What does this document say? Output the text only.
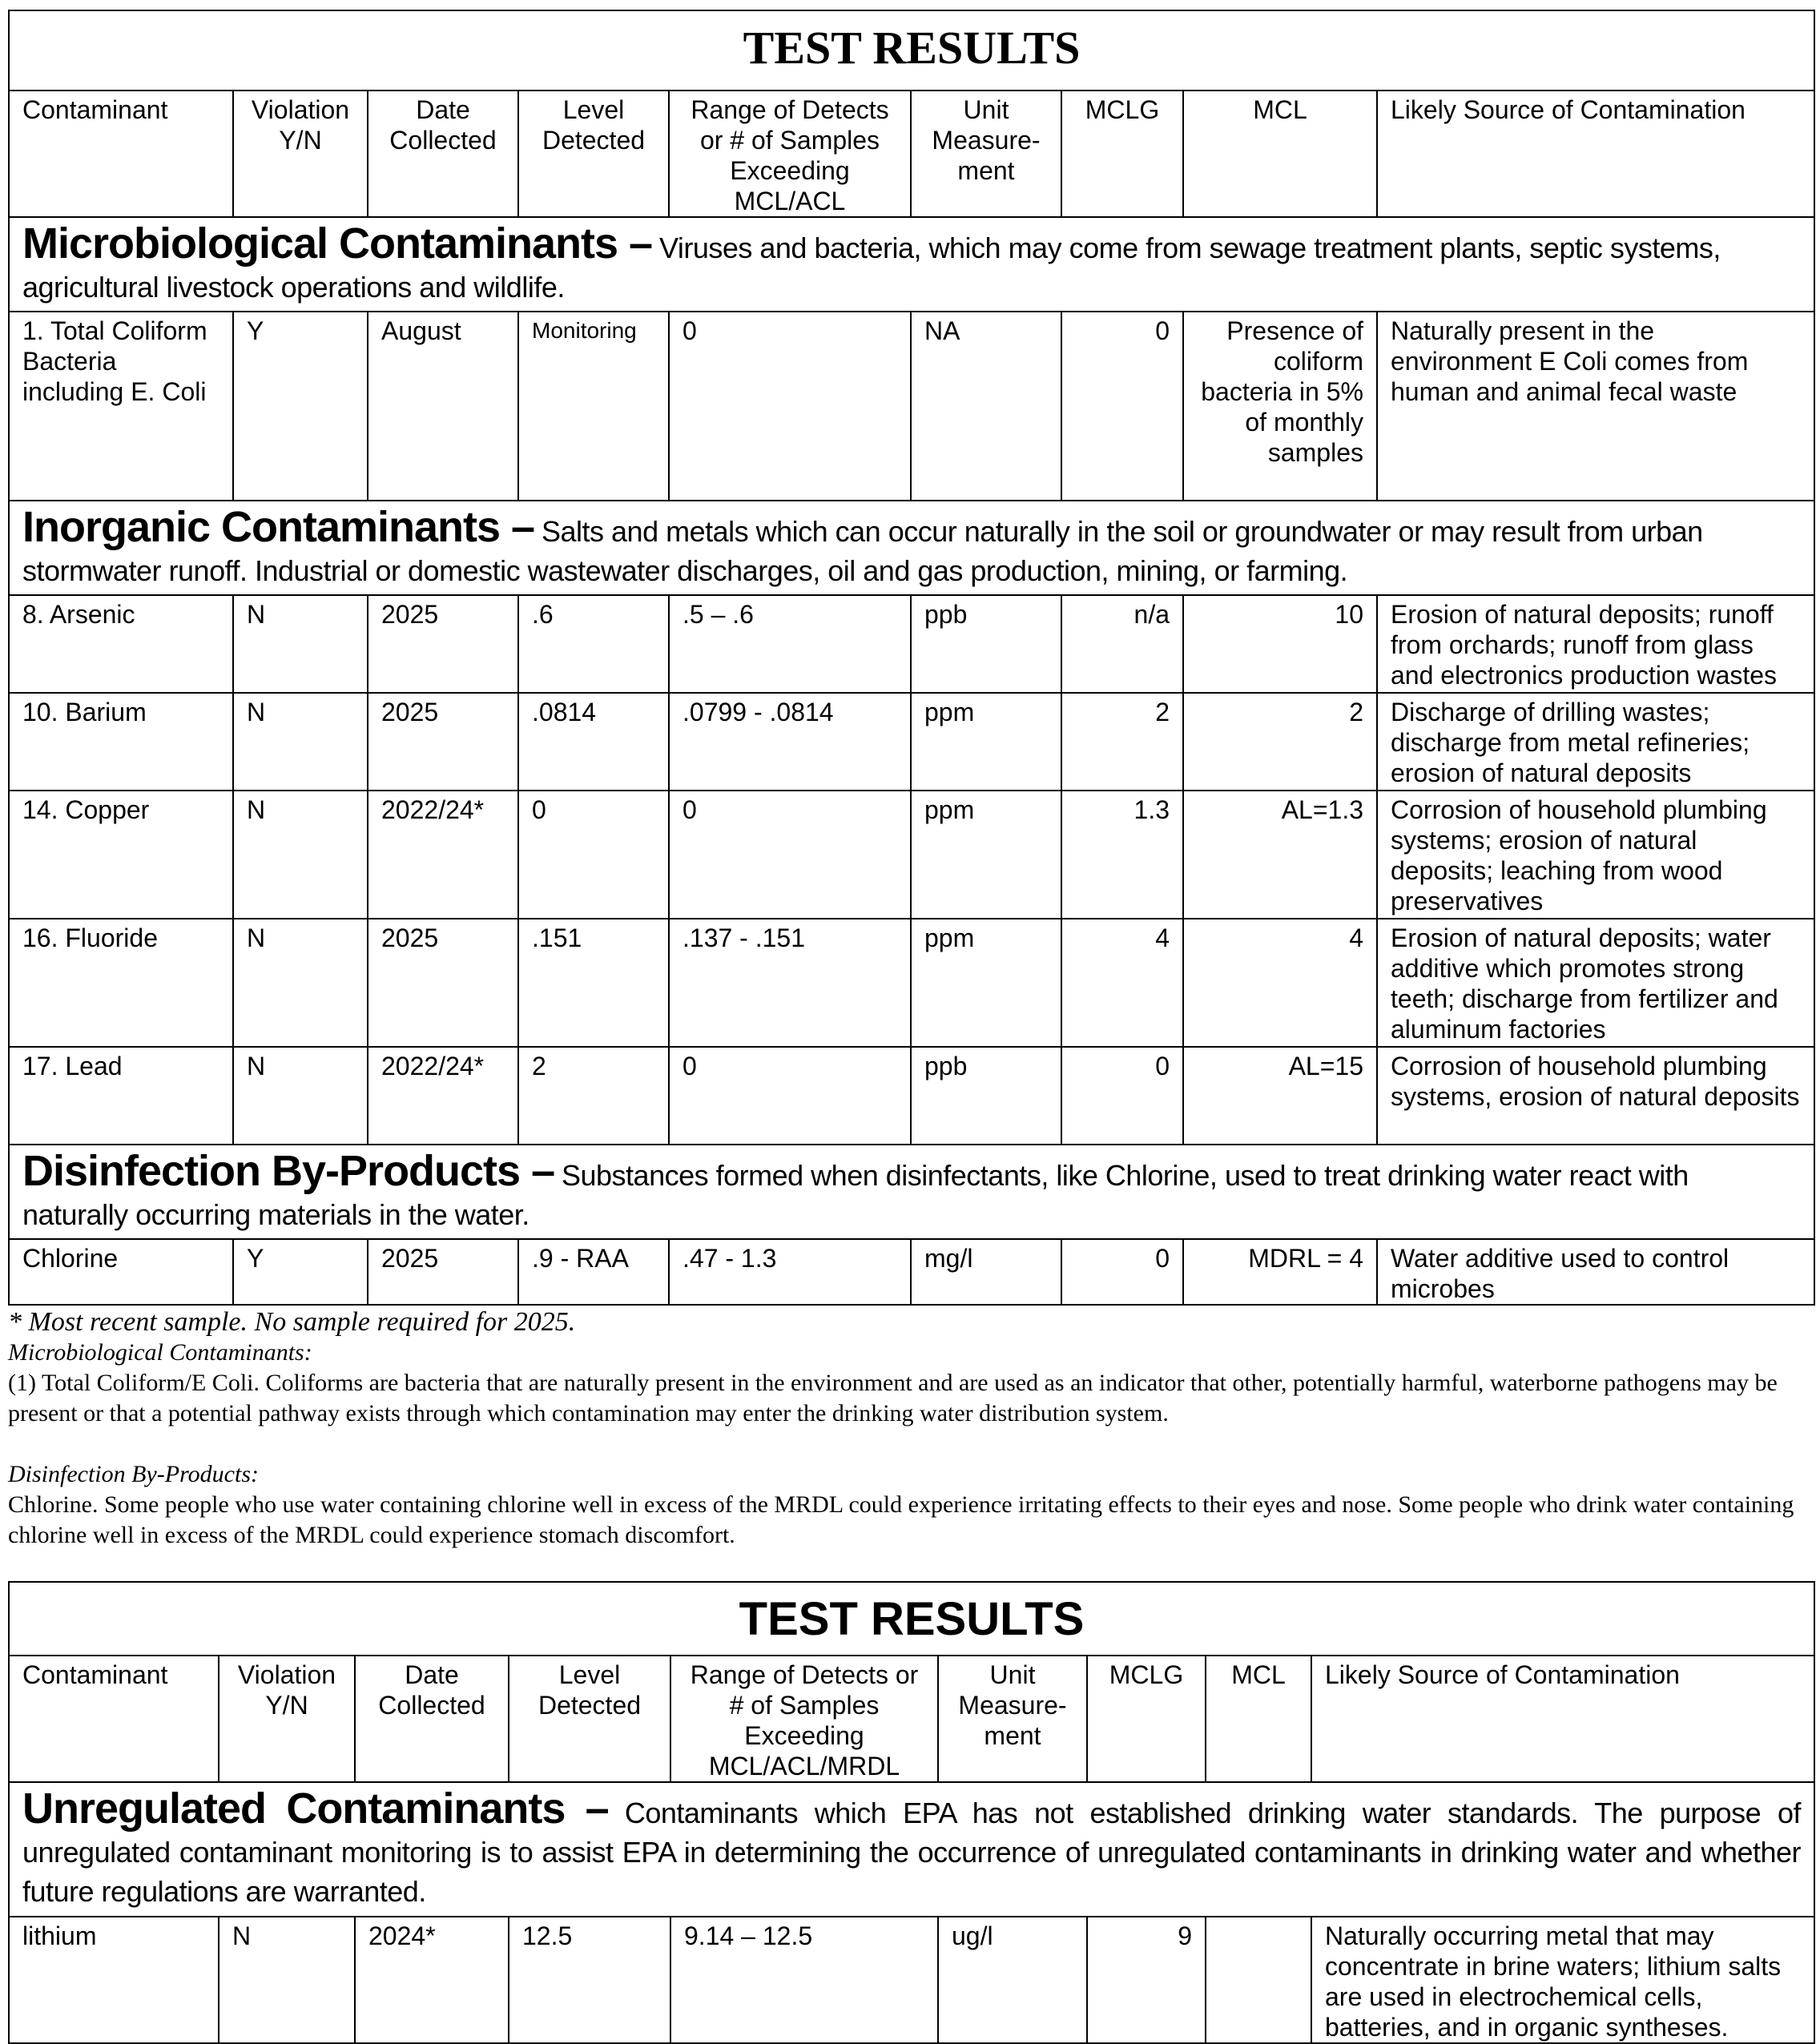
TEST RESULTS								
Contaminant	Violation Y/N	Date Collected	Level Detected	Range of Detects or # of Samples Exceeding MCL/ACL	Unit Measure-ment	MCLG	MCL	Likely Source of Contamination
Microbiological Contaminants – Viruses and bacteria, which may come from sewage treatment plants, septic systems, agricultural livestock operations and wildlife.								
1. Total Coliform Bacteria including E. Coli	Y	August	Monitoring	0	NA	0	Presence of coliform bacteria in 5% of monthly samples	Naturally present in the environment E Coli comes from human and animal fecal waste
Inorganic Contaminants – Salts and metals which can occur naturally in the soil or groundwater or may result from urban stormwater runoff. Industrial or domestic wastewater discharges, oil and gas production, mining, or farming.								
8. Arsenic	N	2025	.6	.5 – .6	ppb	n/a	10	Erosion of natural deposits; runoff from orchards; runoff from glass and electronics production wastes
10. Barium	N	2025	.0814	.0799 - .0814	ppm	2	2	Discharge of drilling wastes; discharge from metal refineries; erosion of natural deposits
14. Copper	N	2022/24*	0	0	ppm	1.3	AL=1.3	Corrosion of household plumbing systems; erosion of natural deposits; leaching from wood preservatives
16. Fluoride	N	2025	.151	.137 - .151	ppm	4	4	Erosion of natural deposits; water additive which promotes strong teeth; discharge from fertilizer and aluminum factories
17. Lead	N	2022/24*	2	0	ppb	0	AL=15	Corrosion of household plumbing systems, erosion of natural deposits
Disinfection By-Products – Substances formed when disinfectants, like Chlorine, used to treat drinking water react with naturally occurring materials in the water.								
Chlorine	Y	2025	.9 - RAA	.47 - 1.3	mg/l	0	MDRL = 4	Water additive used to control microbes

* Most recent sample. No sample required for 2025.

Microbiological Contaminants:

(1) Total Coliform/E Coli. Coliforms are bacteria that are naturally present in the environment and are used as an indicator that other, potentially harmful, waterborne pathogens may be present or that a potential pathway exists through which contamination may enter the drinking water distribution system.

Disinfection By-Products:

Chlorine. Some people who use water containing chlorine well in excess of the MRDL could experience irritating effects to their eyes and nose. Some people who drink water containing chlorine well in excess of the MRDL could experience stomach discomfort.

TEST RESULTS								
Contaminant	Violation Y/N	Date Collected	Level Detected	Range of Detects or # of Samples Exceeding MCL/ACL/MRDL	Unit Measure-ment	MCLG	MCL	Likely Source of Contamination
Unregulated Contaminants – Contaminants which EPA has not established drinking water standards. The purpose of unregulated contaminant monitoring is to assist EPA in determining the occurrence of unregulated contaminants in drinking water and whether future regulations are warranted.								
lithium	N	2024*	12.5	9.14 – 12.5	ug/l	9		Naturally occurring metal that may concentrate in brine waters; lithium salts are used in electrochemical cells, batteries, and in organic syntheses.
